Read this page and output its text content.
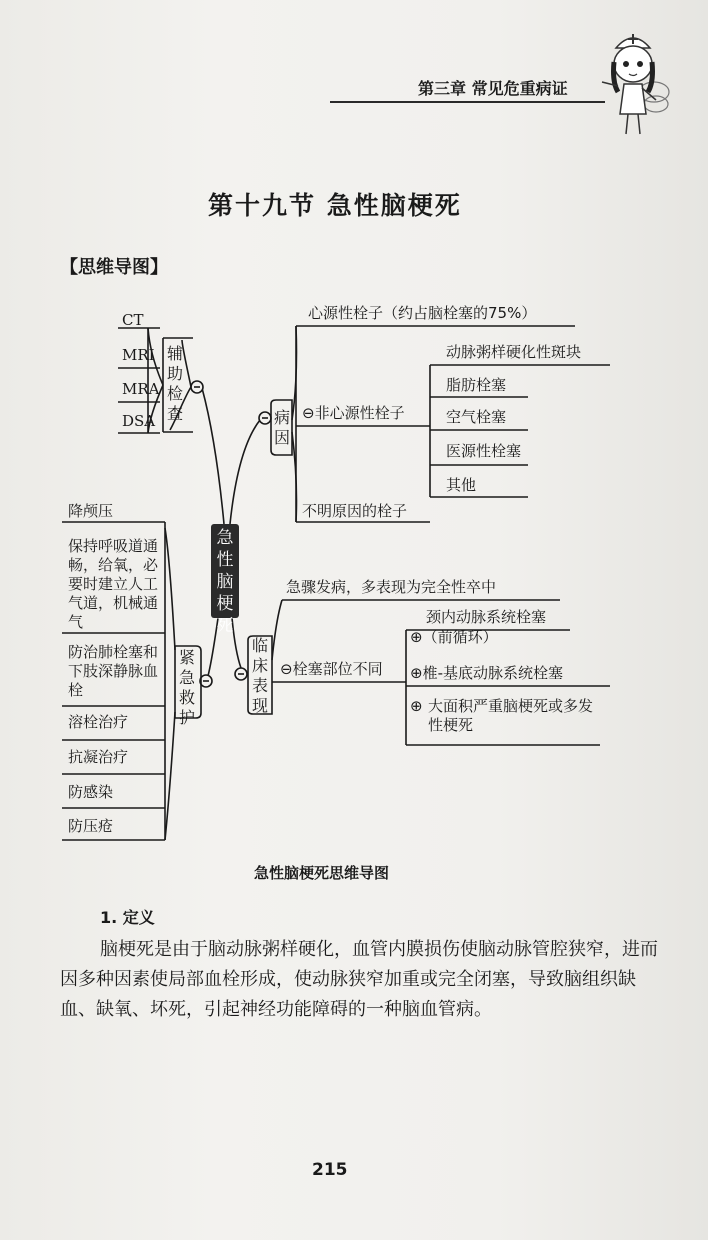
第三章 常见危重病证
第十九节 急性脑梗死
【思维导图】
急性脑梗死
辅助检查
CT
MRI
MRA
DSA	病因
心源性栓子（约占脑栓塞的75%）
⊖非心源性栓子
动脉粥样硬化性斑块
脂肪栓塞
空气栓塞
医源性栓塞
其他
不明原因的栓子
临床表现
急骤发病，多表现为完全性卒中
⊖栓塞部位不同
颈内动脉系统栓塞
⊕（前循环）
⊕椎-基底动脉系统栓塞
⊕ 大面积严重脑梗死或多发性梗死
紧急救护
降颅压
保持呼吸道通畅，给氧，必要时建立人工气道，机械通气
防治肺栓塞和下肢深静脉血栓
溶栓治疗
抗凝治疗
防感染
防压疮
急性脑梗死思维导图
1. 定义
脑梗死是由于脑动脉粥样硬化，血管内膜损伤使脑动脉管腔狭窄，进而因多种因素使局部血栓形成，使动脉狭窄加重或完全闭塞，导致脑组织缺血、缺氧、坏死，引起神经功能障碍的一种脑血管病。
215
